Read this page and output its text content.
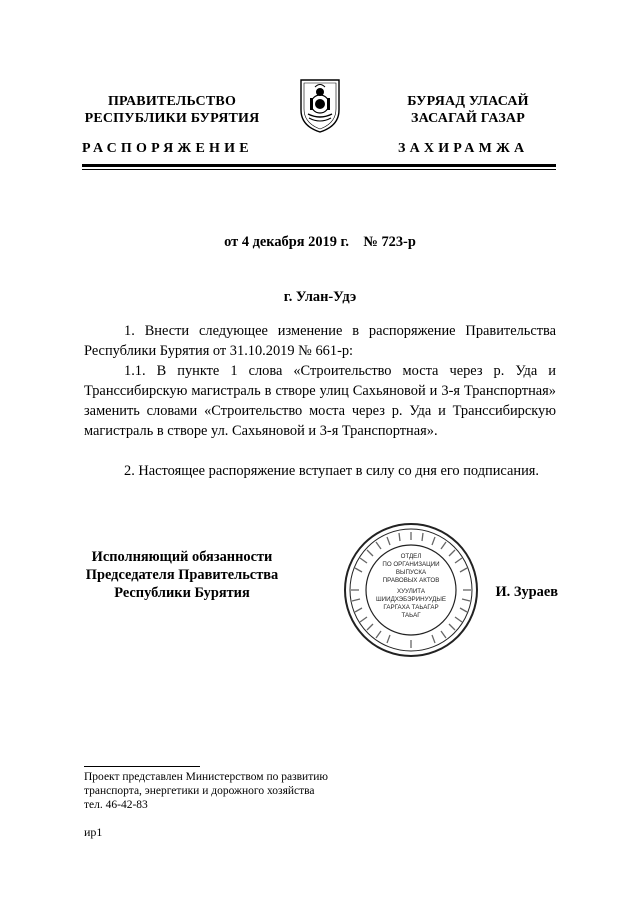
ПРАВИТЕЛЬСТВО
РЕСПУБЛИКИ БУРЯТИЯ
РАСПОРЯЖЕНИЕ
БУРЯАД УЛАСАЙ
ЗАСАГАЙ ГАЗАР
ЗАХИРАМЖА
от 4 декабря 2019 г.    № 723-р
г. Улан-Удэ

1. Внести следующее изменение в распоряжение Правительства Республики Бурятия от 31.10.2019 № 661-р:

1.1. В пункте 1 слова «Строительство моста через р. Уда и Транссибирскую магистраль в створе улиц Сахьяновой и 3-я Транспортная» заменить словами «Строительство моста через р. Уда и Транссибирскую магистраль в створе ул. Сахьяновой и 3-я Транспортная».

2. Настоящее распоряжение вступает в силу со дня его подписания.

Исполняющий обязанности
Председателя Правительства
Республики Бурятия
ОТДЕЛ
ПО ОРГАНИЗАЦИИ
ВЫПУСКА
ПРАВОВЫХ АКТОВ
ХУУЛИТА
ШИИДХЭБЭРИНУУДЫЕ
ГАРГАХА ТАЬАГАР
ТАЬАГ
И. Зураев
Проект представлен Министерством по развитию
транспорта, энергетики и дорожного хозяйства
тел. 46-42-83
ир1
